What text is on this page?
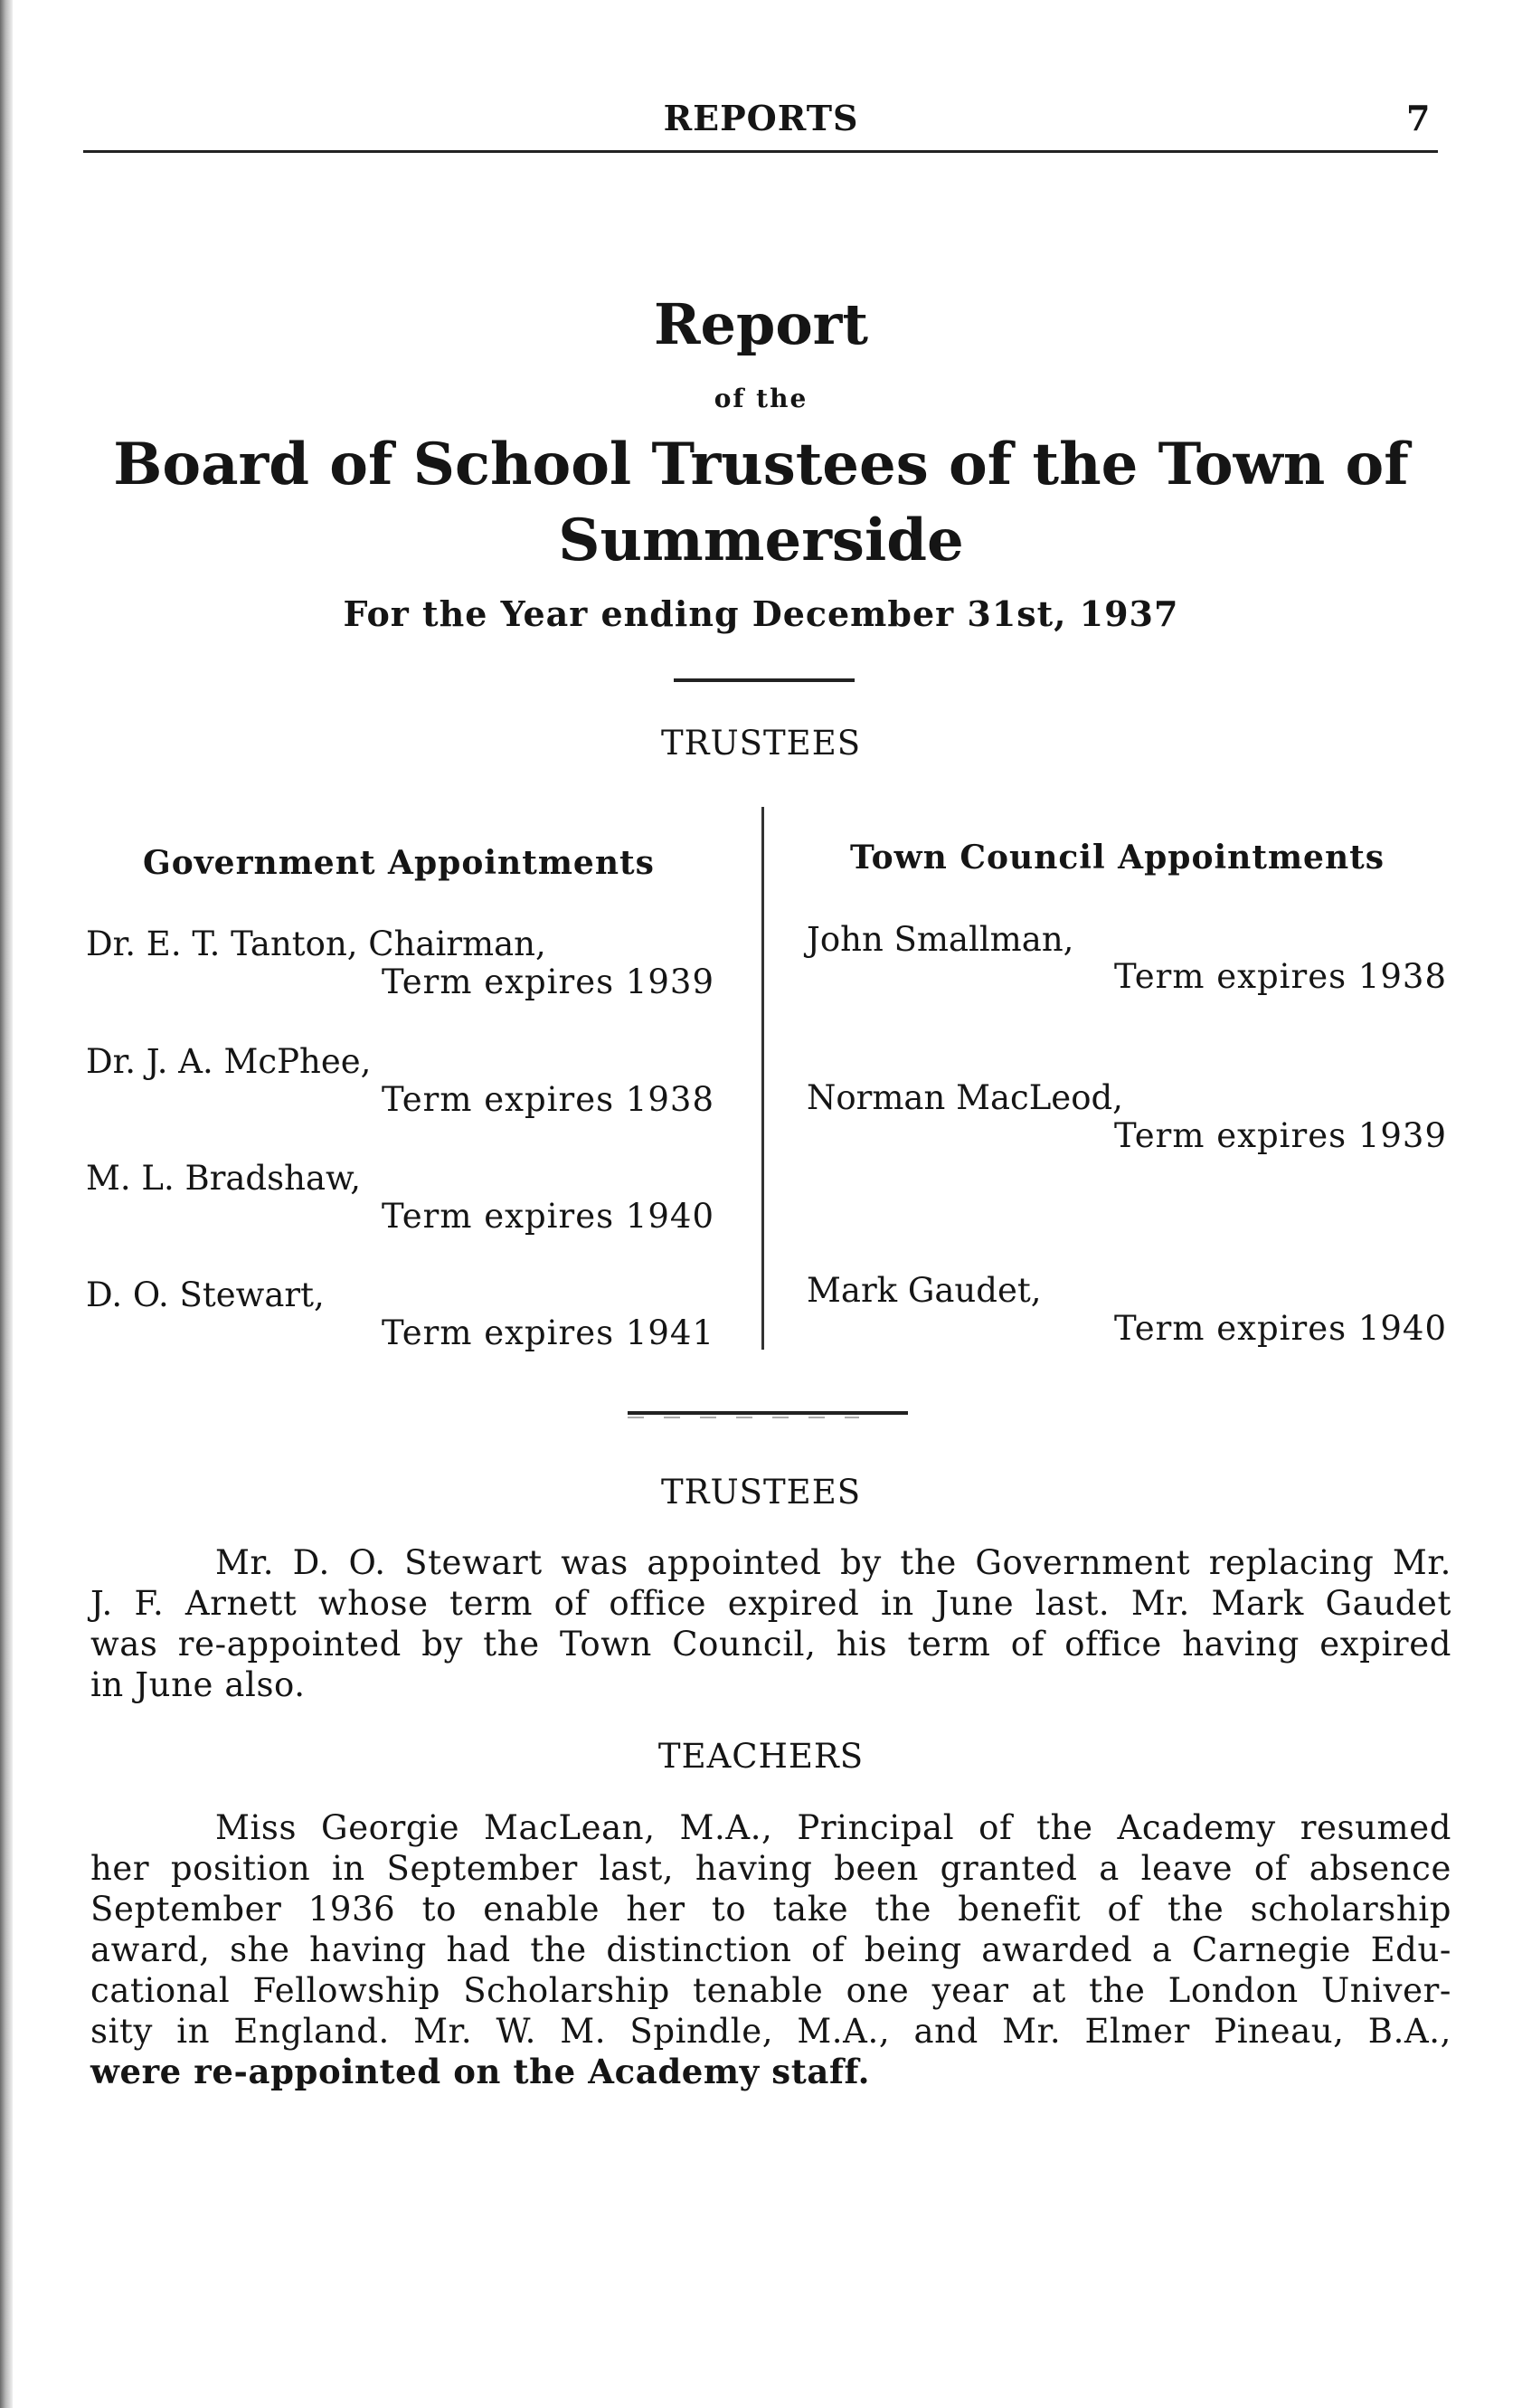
REPORTS	7
Report
of the
Board of School Trustees of the Town of
Summerside
For the Year ending December 31st, 1937
TRUSTEES
Government Appointments	Town Council Appointments
Dr. E. T. Tanton, Chairman,
Term expires 1939
Dr. J. A. McPhee,
Term expires 1938
M. L. Bradshaw,
Term expires 1940
D. O. Stewart,
Term expires 1941
John Smallman,
Term expires 1938
Norman MacLeod,
Term expires 1939
Mark Gaudet,
Term expires 1940
TRUSTEES
Mr. D. O. Stewart was appointed by the Government replacing Mr.
J. F. Arnett whose term of office expired in June last. Mr. Mark Gaudet
was re-appointed by the Town Council, his term of office having expired
in June also.
TEACHERS
Miss Georgie MacLean, M.A., Principal of the Academy resumed
her position in September last, having been granted a leave of absence
September 1936 to enable her to take the benefit of the scholarship
award, she having had the distinction of being awarded a Carnegie Edu-
cational Fellowship Scholarship tenable one year at the London Univer-
sity in England. Mr. W. M. Spindle, M.A., and Mr. Elmer Pineau, B.A.,
were re-appointed on the Academy staff.
